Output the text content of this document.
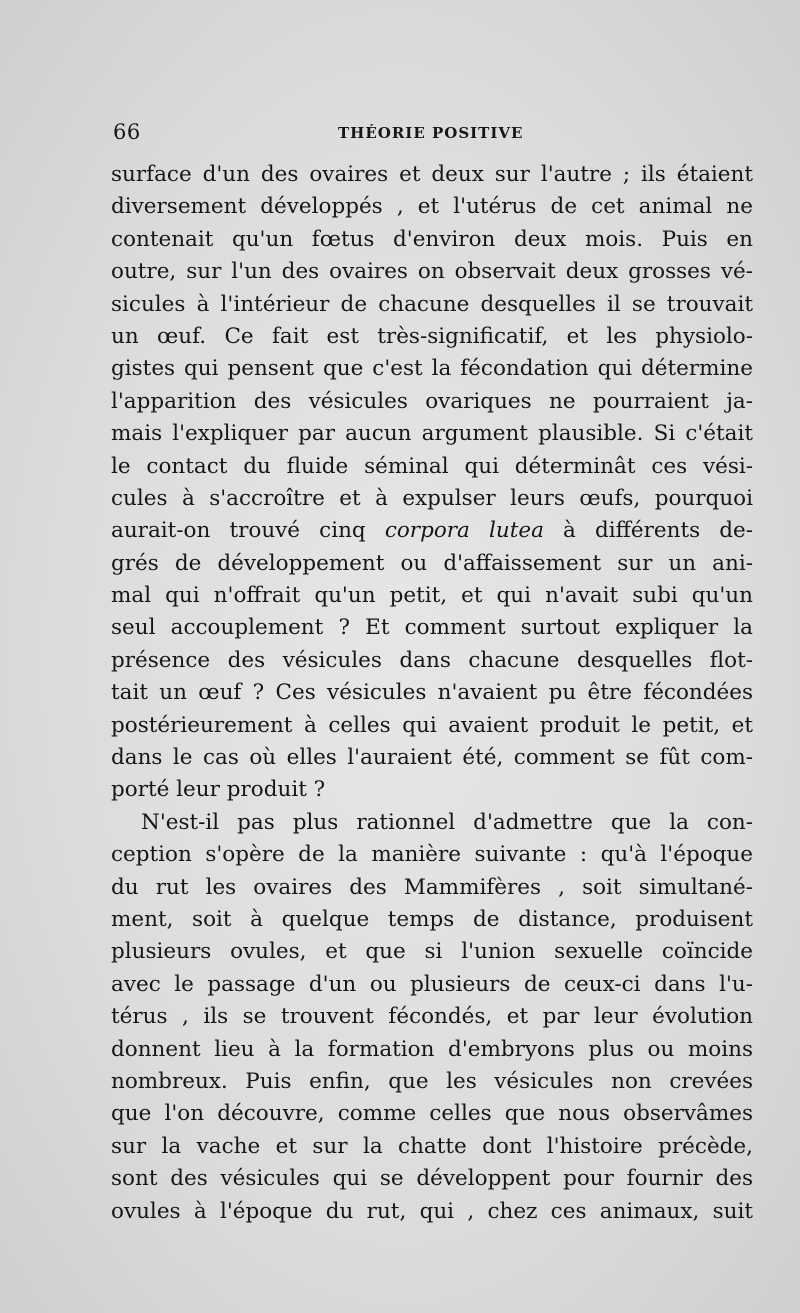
66	THÉORIE POSITIVE
surface d'un des ovaires et deux sur l'autre ; ils étaient
diversement développés , et l'utérus de cet animal ne
contenait qu'un fœtus d'environ deux mois. Puis en
outre, sur l'un des ovaires on observait deux grosses vé-
sicules à l'intérieur de chacune desquelles il se trouvait
un œuf. Ce fait est très-significatif, et les physiolo-
gistes qui pensent que c'est la fécondation qui détermine
l'apparition des vésicules ovariques ne pourraient ja-
mais l'expliquer par aucun argument plausible. Si c'était
le contact du fluide séminal qui déterminât ces vési-
cules à s'accroître et à expulser leurs œufs, pourquoi
aurait-on trouvé cinq corpora lutea à différents de-
grés de développement ou d'affaissement sur un ani-
mal qui n'offrait qu'un petit, et qui n'avait subi qu'un
seul accouplement ? Et comment surtout expliquer la
présence des vésicules dans chacune desquelles flot-
tait un œuf ? Ces vésicules n'avaient pu être fécondées
postérieurement à celles qui avaient produit le petit, et
dans le cas où elles l'auraient été, comment se fût com-
porté leur produit ?
N'est-il pas plus rationnel d'admettre que la con-
ception s'opère de la manière suivante : qu'à l'époque
du rut les ovaires des Mammifères , soit simultané-
ment, soit à quelque temps de distance, produisent
plusieurs ovules, et que si l'union sexuelle coïncide
avec le passage d'un ou plusieurs de ceux-ci dans l'u-
térus , ils se trouvent fécondés, et par leur évolution
donnent lieu à la formation d'embryons plus ou moins
nombreux. Puis enfin, que les vésicules non crevées
que l'on découvre, comme celles que nous observâmes
sur la vache et sur la chatte dont l'histoire précède,
sont des vésicules qui se développent pour fournir des
ovules à l'époque du rut, qui , chez ces animaux, suit
